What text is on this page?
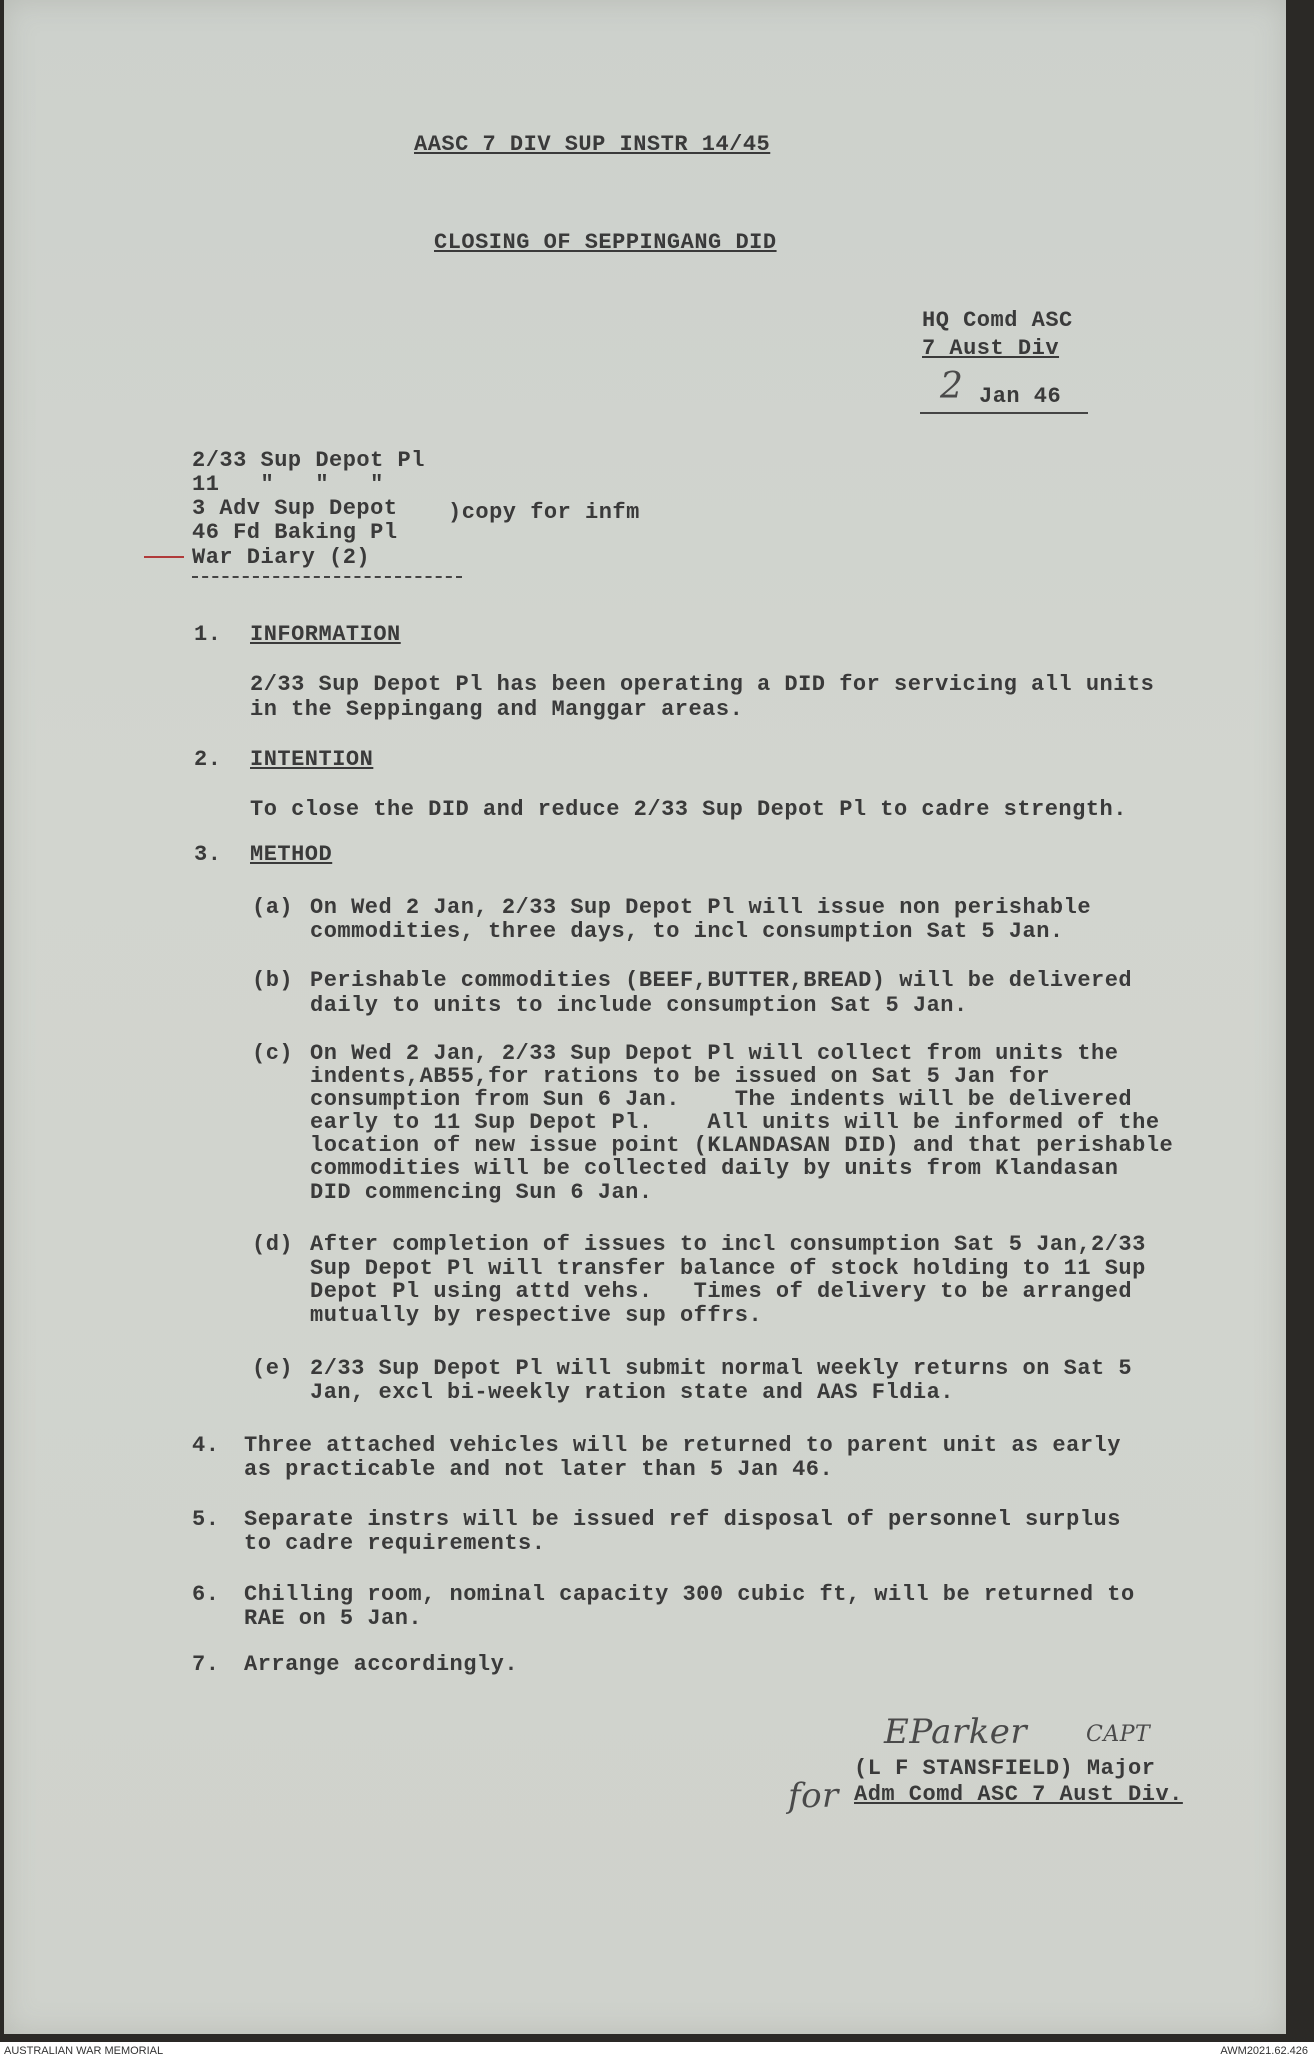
AASC 7 DIV SUP INSTR 14/45
CLOSING OF SEPPINGANG DID
HQ Comd ASC
7 Aust Div
2 Jan 46
2/33 Sup Depot Pl
11   "   "   "
3 Adv Sup Depot
46 Fd Baking Pl
War Diary (2)
)copy for infm
1. INFORMATION
2/33 Sup Depot Pl has been operating a DID for servicing all units
in the Seppingang and Manggar areas.
2. INTENTION
To close the DID and reduce 2/33 Sup Depot Pl to cadre strength.
3. METHOD
(a) On Wed 2 Jan, 2/33 Sup Depot Pl will issue non perishable
commodities, three days, to incl consumption Sat 5 Jan.
(b) Perishable commodities (BEEF,BUTTER,BREAD) will be delivered
daily to units to include consumption Sat 5 Jan.
(c) On Wed 2 Jan, 2/33 Sup Depot Pl will collect from units the
indents,AB55,for rations to be issued on Sat 5 Jan for
consumption from Sun 6 Jan.    The indents will be delivered
early to 11 Sup Depot Pl.    All units will be informed of the
location of new issue point (KLANDASAN DID) and that perishable
commodities will be collected daily by units from Klandasan
DID commencing Sun 6 Jan.
(d) After completion of issues to incl consumption Sat 5 Jan,2/33
Sup Depot Pl will transfer balance of stock holding to 11 Sup
Depot Pl using attd vehs.   Times of delivery to be arranged
mutually by respective sup offrs.
(e) 2/33 Sup Depot Pl will submit normal weekly returns on Sat 5
Jan, excl bi-weekly ration state and AAS Fldia.
4. Three attached vehicles will be returned to parent unit as early
as practicable and not later than 5 Jan 46.
5. Separate instrs will be issued ref disposal of personnel surplus
to cadre requirements.
6. Chilling room, nominal capacity 300 cubic ft, will be returned to
RAE on 5 Jan.
7. Arrange accordingly.
EParker	CAPT
for
(L F STANSFIELD) Major
Adm Comd ASC 7 Aust Div.
AUSTRALIAN WAR MEMORIAL	AWM2021.62.426
